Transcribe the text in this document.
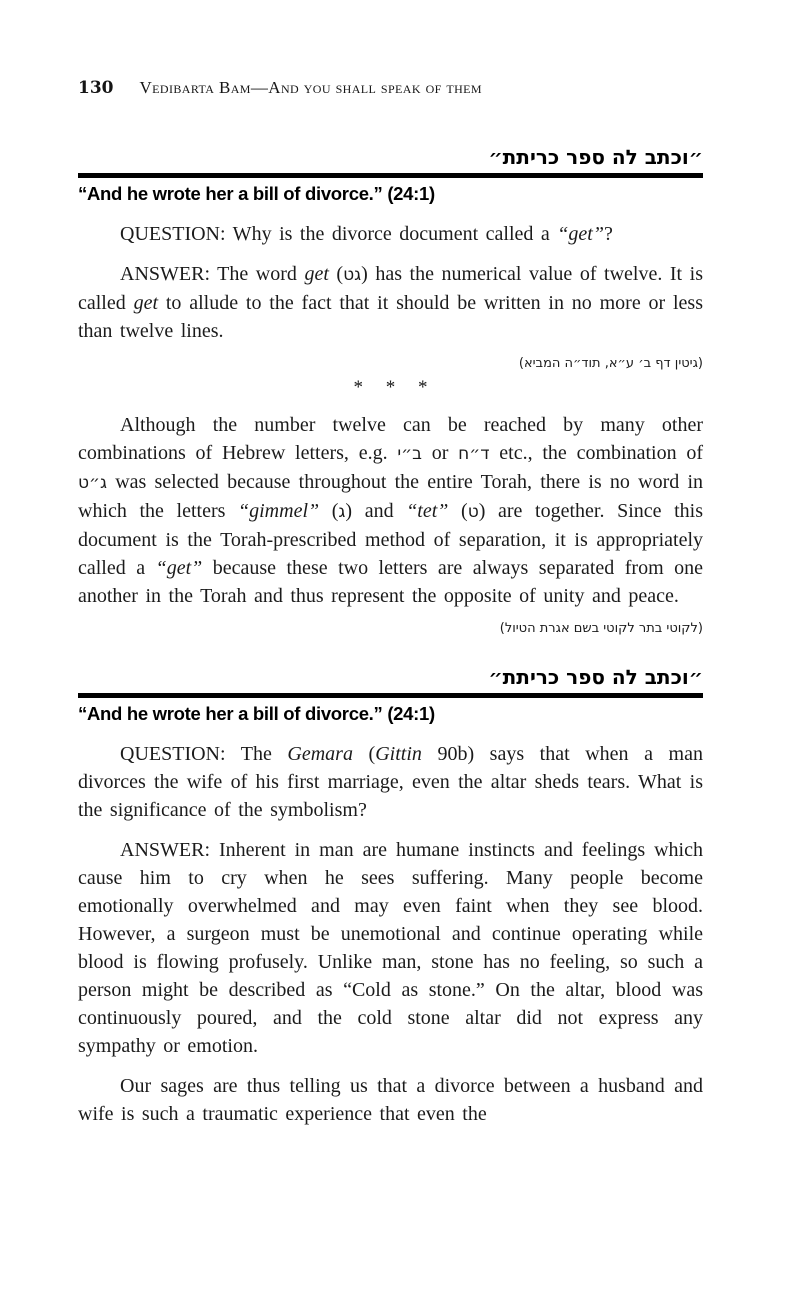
130 Vedibarta Bam—And you shall speak of them
״וכתב לה ספר כריתת״
“And he wrote her a bill of divorce.” (24:1)

QUESTION: Why is the divorce document called a “get”?

ANSWER: The word get (גט) has the numerical value of twelve. It is called get to allude to the fact that it should be written in no more or less than twelve lines.

(גיטין דף ב׳ ע״א, תוד״ה המביא)
* * *

Although the number twelve can be reached by many other combinations of Hebrew letters, e.g. ב״י or ד״ח etc., the combination of ג״ט was selected because throughout the entire Torah, there is no word in which the letters “gimmel” (ג) and “tet” (ט) are together. Since this document is the Torah-prescribed method of separation, it is appropriately called a “get” because these two letters are always separated from one another in the Torah and thus represent the opposite of unity and peace.

(לקוטי בתר לקוטי בשם אגרת הטיול)
״וכתב לה ספר כריתת״
“And he wrote her a bill of divorce.” (24:1)

QUESTION: The Gemara (Gittin 90b) says that when a man divorces the wife of his first marriage, even the altar sheds tears. What is the significance of the symbolism?

ANSWER: Inherent in man are humane instincts and feelings which cause him to cry when he sees suffering. Many people become emotionally overwhelmed and may even faint when they see blood. However, a surgeon must be unemotional and continue operating while blood is flowing profusely. Unlike man, stone has no feeling, so such a person might be described as “Cold as stone.” On the altar, blood was continuously poured, and the cold stone altar did not express any sympathy or emotion.

Our sages are thus telling us that a divorce between a husband and wife is such a traumatic experience that even the
